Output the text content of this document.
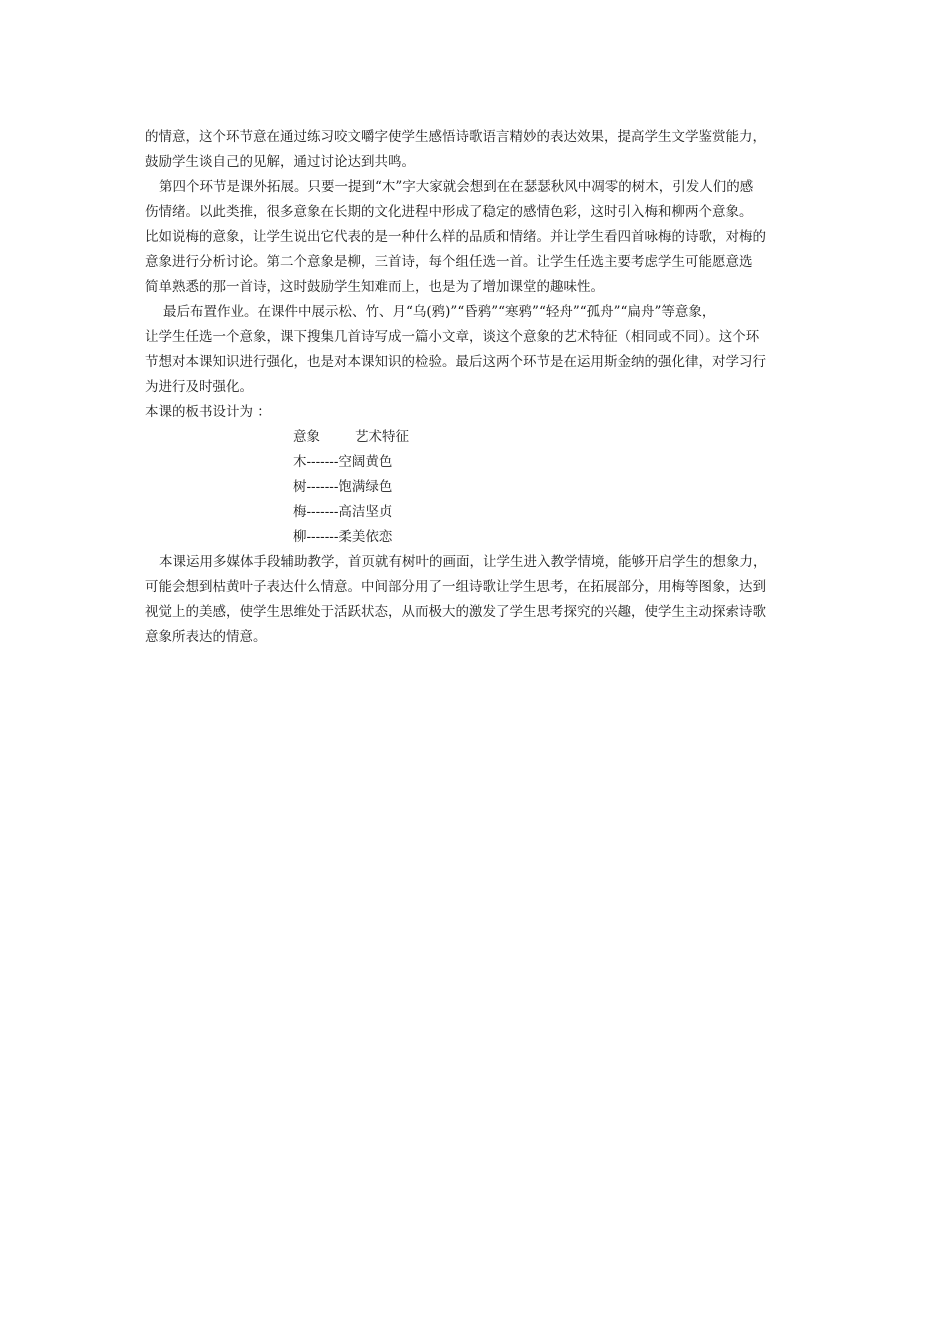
的情意，这个环节意在通过练习咬文嚼字使学生感悟诗歌语言精妙的表达效果，提高学生文学鉴赏能力，
鼓励学生谈自己的见解，通过讨论达到共鸣。
第四个环节是课外拓展。只要一提到“木”字大家就会想到在在瑟瑟秋风中凋零的树木，引发人们的感
伤情绪。以此类推，很多意象在长期的文化进程中形成了稳定的感情色彩，这时引入梅和柳两个意象。
比如说梅的意象，让学生说出它代表的是一种什么样的品质和情绪。并让学生看四首咏梅的诗歌，对梅的
意象进行分析讨论。第二个意象是柳，三首诗，每个组任选一首。让学生任选主要考虑学生可能愿意选
简单熟悉的那一首诗，这时鼓励学生知难而上，也是为了增加课堂的趣味性。
最后布置作业。在课件中展示松、竹、月“乌(鸦)”“昏鸦”“寒鸦”“轻舟”“孤舟”“扁舟”等意象，
让学生任选一个意象，课下搜集几首诗写成一篇小文章，谈这个意象的艺术特征（相同或不同）。这个环
节想对本课知识进行强化，也是对本课知识的检验。最后这两个环节是在运用斯金纳的强化律，对学习行
为进行及时强化。
本课的板书设计为 ：
意象	艺术特征
木-------空阔黄色
树-------饱满绿色
梅-------高洁坚贞
柳-------柔美依恋
本课运用多媒体手段辅助教学，首页就有树叶的画面，让学生进入教学情境，能够开启学生的想象力，
可能会想到枯黄叶子表达什么情意。中间部分用了一组诗歌让学生思考，在拓展部分，用梅等图象，达到
视觉上的美感，使学生思维处于活跃状态，从而极大的激发了学生思考探究的兴趣，使学生主动探索诗歌
意象所表达的情意。
